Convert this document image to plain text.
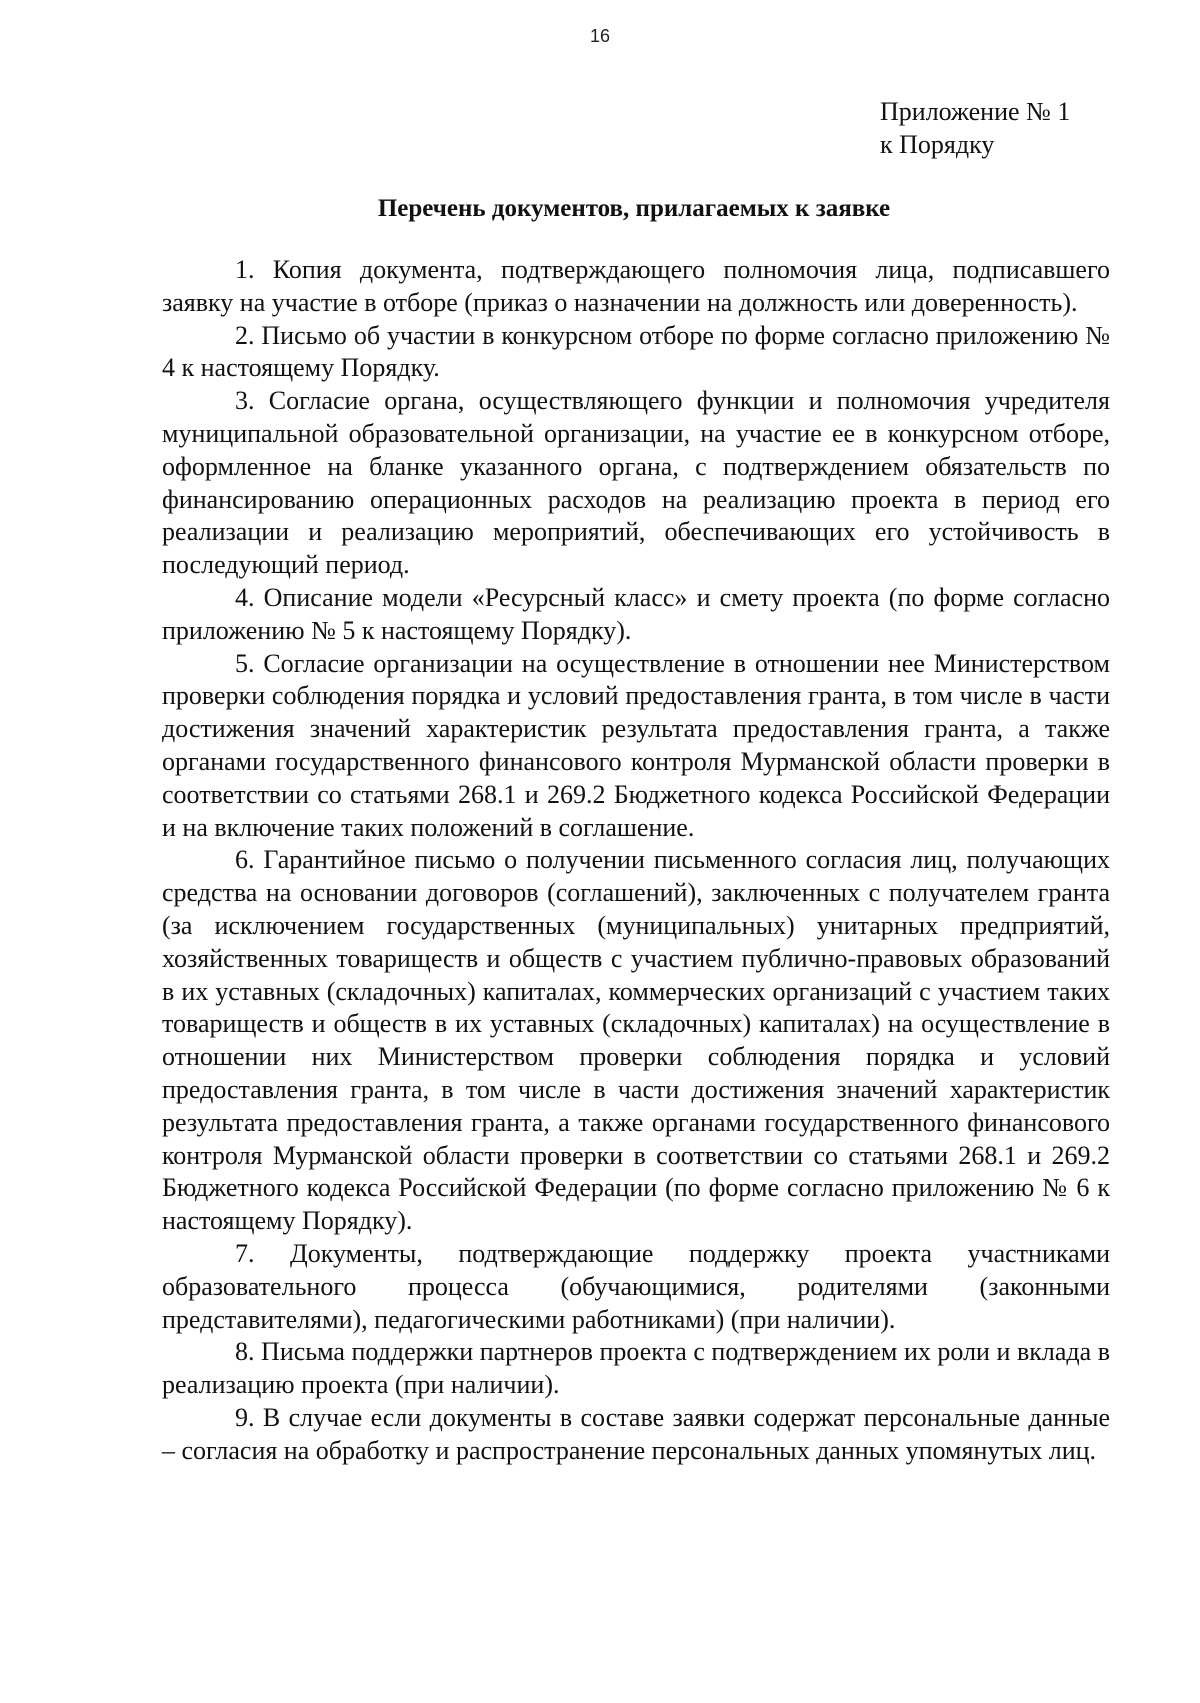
16
Приложение № 1
к Порядку
Перечень документов, прилагаемых к заявке

1. Копия документа, подтверждающего полномочия лица, подписавшего заявку на участие в отборе (приказ о назначении на должность или доверенность).

2. Письмо об участии в конкурсном отборе по форме согласно приложению № 4 к настоящему Порядку.

3. Согласие органа, осуществляющего функции и полномочия учредителя муниципальной образовательной организации, на участие ее в конкурсном отборе, оформленное на бланке указанного органа, с подтверждением обязательств по финансированию операционных расходов на реализацию проекта в период его реализации и реализацию мероприятий, обеспечивающих его устойчивость в последующий период.

4. Описание модели «Ресурсный класс» и смету проекта (по форме согласно приложению № 5 к настоящему Порядку).

5. Согласие организации на осуществление в отношении нее Министерством проверки соблюдения порядка и условий предоставления гранта, в том числе в части достижения значений характеристик результата предоставления гранта, а также органами государственного финансового контроля Мурманской области проверки в соответствии со статьями 268.1 и 269.2 Бюджетного кодекса Российской Федерации и на включение таких положений в соглашение.

6. Гарантийное письмо о получении письменного согласия лиц, получающих средства на основании договоров (соглашений), заключенных с получателем гранта (за исключением государственных (муниципальных) унитарных предприятий, хозяйственных товариществ и обществ с участием публично-правовых образований в их уставных (складочных) капиталах, коммерческих организаций с участием таких товариществ и обществ в их уставных (складочных) капиталах) на осуществление в отношении них Министерством проверки соблюдения порядка и условий предоставления гранта, в том числе в части достижения значений характеристик результата предоставления гранта, а также органами государственного финансового контроля Мурманской области проверки в соответствии со статьями 268.1 и 269.2 Бюджетного кодекса Российской Федерации (по форме согласно приложению № 6 к настоящему Порядку).

7. Документы, подтверждающие поддержку проекта участниками образовательного процесса (обучающимися, родителями (законными представителями), педагогическими работниками) (при наличии).

8. Письма поддержки партнеров проекта с подтверждением их роли и вклада в реализацию проекта (при наличии).

9. В случае если документы в составе заявки содержат персональные данные – согласия на обработку и распространение персональных данных упомянутых лиц.
